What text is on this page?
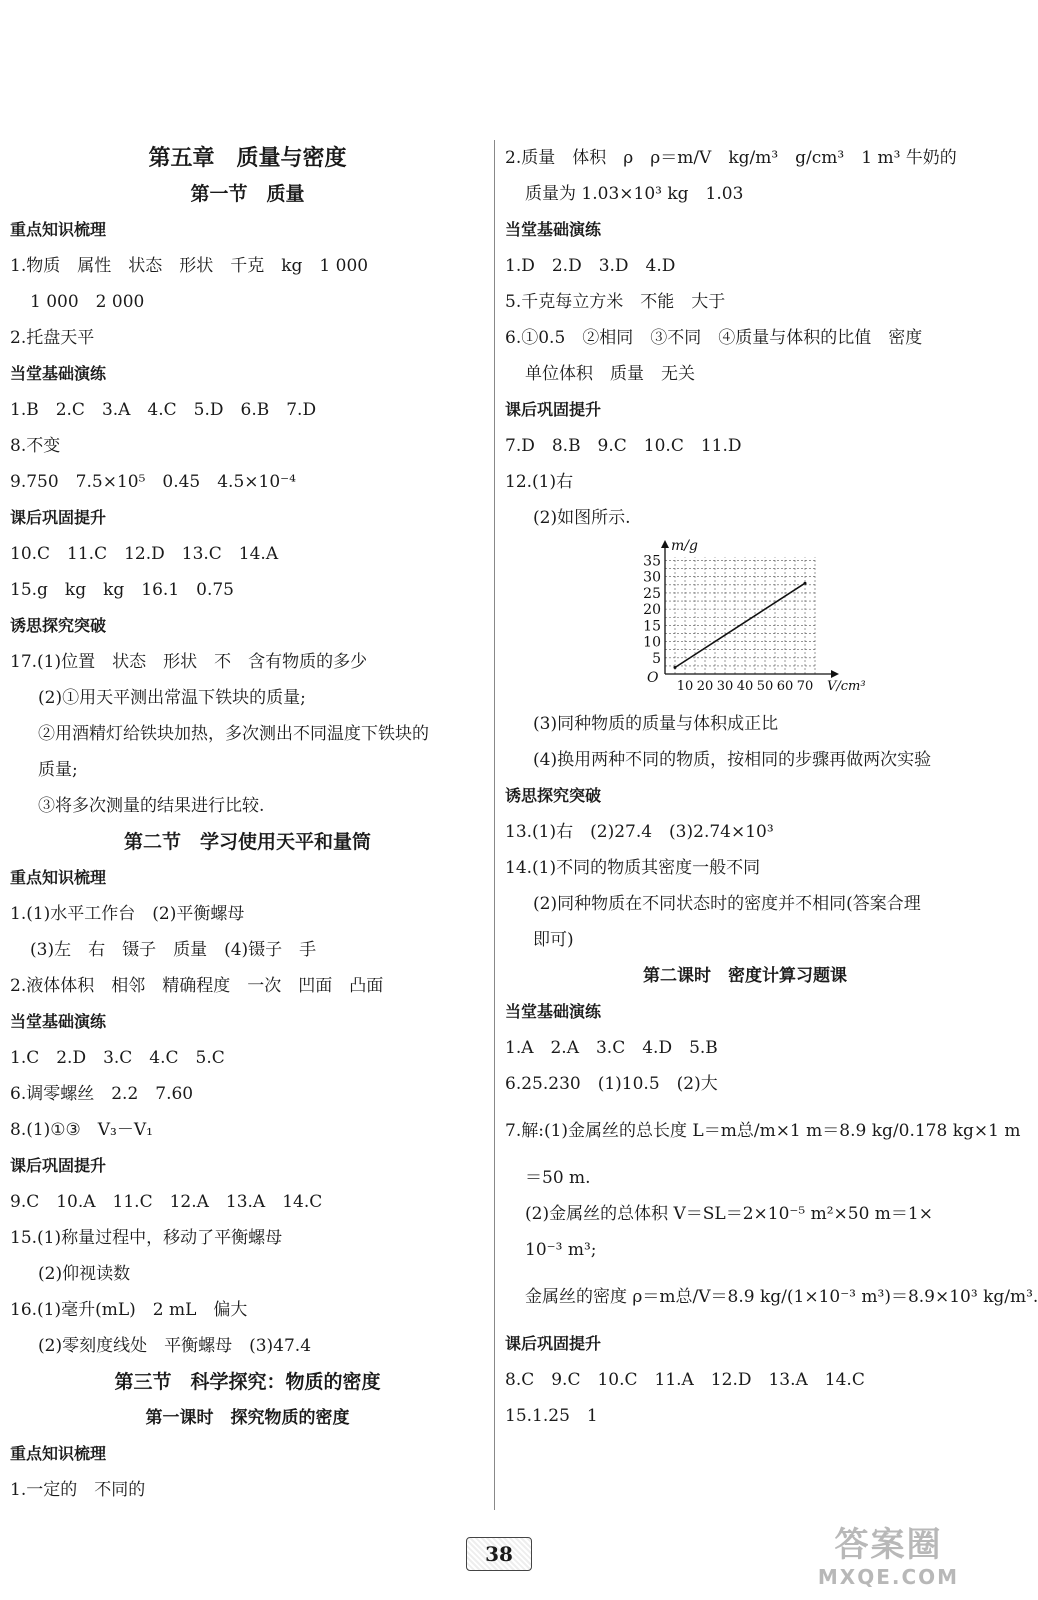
第五章　质量与密度
第一节　质量
重点知识梳理
1.物质　属性　状态　形状　千克　kg　1 000
1 000　2 000
2.托盘天平
当堂基础演练
1.B　2.C　3.A　4.C　5.D　6.B　7.D
8.不变
9.750　7.5×10⁵　0.45　4.5×10⁻⁴
课后巩固提升
10.C　11.C　12.D　13.C　14.A
15.g　kg　kg　16.1　0.75
诱思探究突破
17.(1)位置　状态　形状　不　含有物质的多少
(2)①用天平测出常温下铁块的质量;
②用酒精灯给铁块加热，多次测出不同温度下铁块的
质量;
③将多次测量的结果进行比较.
第二节　学习使用天平和量筒
重点知识梳理
1.(1)水平工作台　(2)平衡螺母
(3)左　右　镊子　质量　(4)镊子　手
2.液体体积　相邻　精确程度　一次　凹面　凸面
当堂基础演练
1.C　2.D　3.C　4.C　5.C
6.调零螺丝　2.2　7.60
8.(1)①③　V₃－V₁
课后巩固提升
9.C　10.A　11.C　12.A　13.A　14.C
15.(1)称量过程中，移动了平衡螺母
(2)仰视读数
16.(1)毫升(mL)　2 mL　偏大
(2)零刻度线处　平衡螺母　(3)47.4
第三节　科学探究：物质的密度
第一课时　探究物质的密度
重点知识梳理
1.一定的　不同的
2.质量　体积　ρ　ρ＝m/V　kg/m³　g/cm³　1 m³ 牛奶的
质量为 1.03×10³ kg　1.03
当堂基础演练
1.D　2.D　3.D　4.D
5.千克每立方米　不能　大于
6.①0.5　②相同　③不同　④质量与体积的比值　密度
单位体积　质量　无关
课后巩固提升
7.D　8.B　9.C　10.C　11.D
12.(1)右
(2)如图所示.
5
10
15
20
25
30
35
10 20 30 40 50 60 70
O
V/cm³
m/g
(3)同种物质的质量与体积成正比
(4)换用两种不同的物质，按相同的步骤再做两次实验
诱思探究突破
13.(1)右　(2)27.4　(3)2.74×10³
14.(1)不同的物质其密度一般不同
(2)同种物质在不同状态时的密度并不相同(答案合理
即可)
第二课时　密度计算习题课
当堂基础演练
1.A　2.A　3.C　4.D　5.B
6.25.230　(1)10.5　(2)大
7.解:(1)金属丝的总长度 L＝m总/m×1 m＝8.9 kg/0.178 kg×1 m
＝50 m.
(2)金属丝的总体积 V＝SL＝2×10⁻⁵ m²×50 m＝1×
10⁻³ m³;
金属丝的密度 ρ＝m总/V＝8.9 kg/(1×10⁻³ m³)＝8.9×10³ kg/m³.
课后巩固提升
8.C　9.C　10.C　11.A　12.D　13.A　14.C
15.1.25　1
38	答案圈
MXQE.COM
